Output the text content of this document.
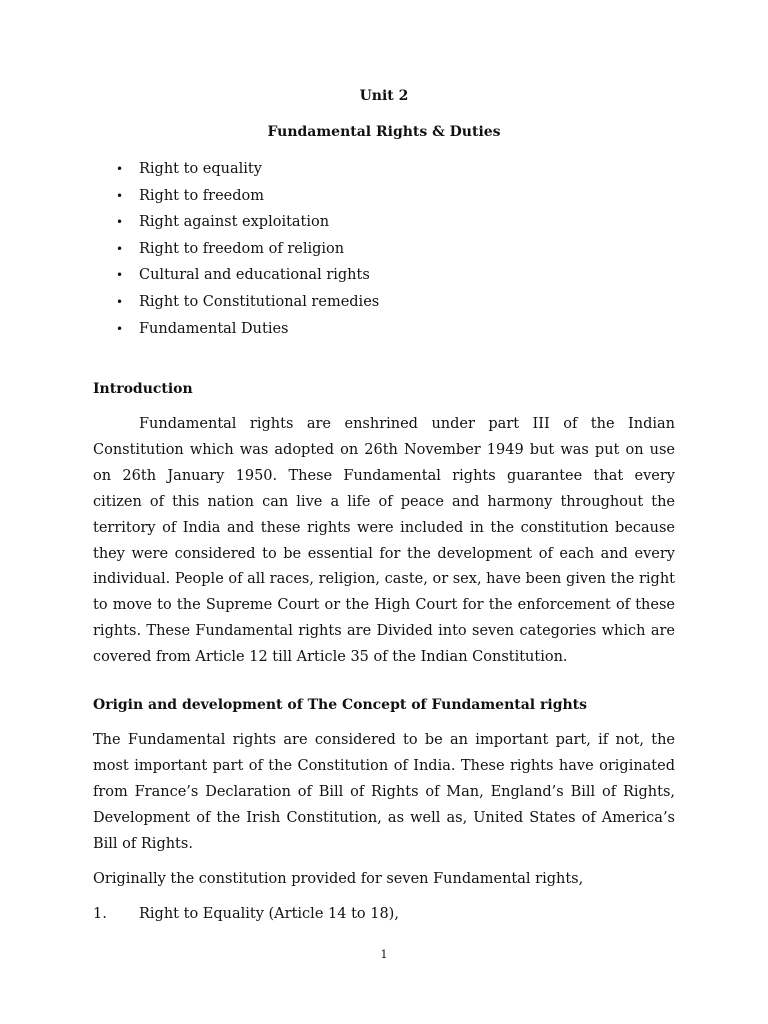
Unit 2
Fundamental Rights & Duties
• Right to equality
• Right to freedom
• Right against exploitation
• Right to freedom of religion
• Cultural and educational rights
• Right to Constitutional remedies
• Fundamental Duties
Introduction

Fundamental rights are enshrined under part III of the Indian
Constitution which was adopted on 26th November 1949 but was put on use
on 26th January 1950. These Fundamental rights guarantee that every
citizen of this nation can live a life of peace and harmony throughout the
territory of India and these rights were included in the constitution because
they were considered to be essential for the development of each and every
individual. People of all races, religion, caste, or sex, have been given the right
to move to the Supreme Court or the High Court for the enforcement of these
rights. These Fundamental rights are Divided into seven categories which are
covered from Article 12 till Article 35 of the Indian Constitution.

Origin and development of The Concept of Fundamental rights

The Fundamental rights are considered to be an important part, if not, the
most important part of the Constitution of India. These rights have originated
from France’s Declaration of Bill of Rights of Man, England’s Bill of Rights,
Development of the Irish Constitution, as well as, United States of America’s
Bill of Rights.

Originally the constitution provided for seven Fundamental rights,
1. Right to Equality (Article 14 to 18),
1
